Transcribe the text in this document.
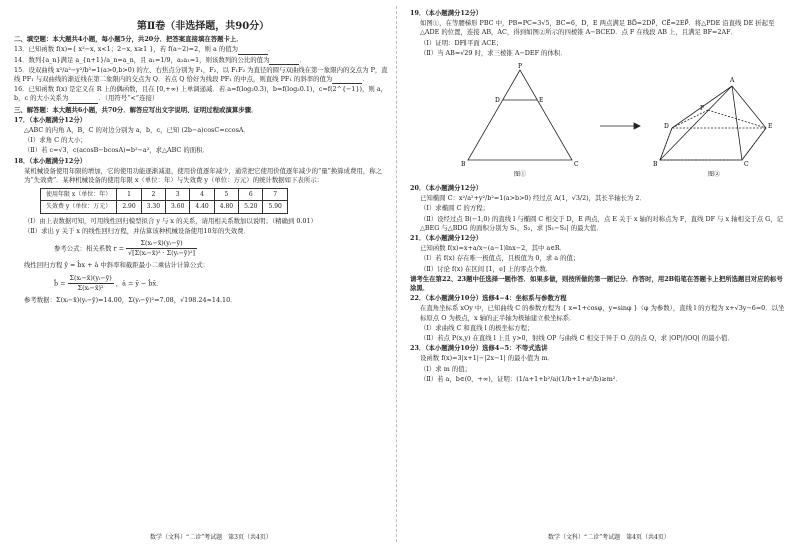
第Ⅱ卷（非选择题，共90分）
二、填空题：本大题共4小题，每小题5分，共20分．把答案直接填在答题卡上．
13．已知函数 f(x)={ x²−x, x<1；2−x, x≥1 }，若 f(a−2)=2，则 a 的值为	．
14．数列{a_n}满足 a_{n+1}/a_n=a_n，且 a₁=1/9，a₂a₁=1，则该数列的公比的值为	．
15．设双曲线 x²/a²−y²/b²=1(a>0,b>0) 的左、右焦点分别为 F₁，F₂，以 F₁F₂ 为直径的圆与双曲线在第一象限内的交点为 P，直线 PF₁ 与双曲线的渐近线在第二象限内的交点为 Q．若点 Q 恰好为线段 PF₁ 的中点，则直线 PF₁ 的斜率的值为	．
16．已知函数 f(x) 是定义在 R 上的偶函数，且在 [0,+∞) 上单调递减．若 a=f(log₂0.3)，b=f(log₃0.1)，c=f(2^{−1})，则 a，b，c 的大小关系为	．（用符号“<”连接）
三、解答题：本大题共6小题，共70分．解答应写出文字说明、证明过程或演算步骤．
17．（本小题满分12分）
△ABC 的内角 A，B，C 的对边分别为 a，b，c，已知 (2b−a)cosC=ccosA．
（Ⅰ）求角 C 的大小；
（Ⅱ）若 c=√3，c(acosB−bcosA)=b²−a²，求△ABC 的面积．
18．（本小题满分12分）
某机械设备使用年限的增加，它的使用功能逐渐减退，使用价值逐年减少，通常把它使用价值逐年减少的“量”换算成费用，称之为“失效费”．某种机械设备的使用年限 x（单位：年）与失效费 y（单位：万元）的统计数据如下表所示：
使用年限 x（单位：年）	1	2	3	4	5	6	7
失效费 y（单位：万元）	2.90	3.30	3.60	4.40	4.80	5.20	5.90
（Ⅰ）由上表数据可知，可用线性回归模型拟合 y 与 x 的关系，请用相关系数加以说明；（精确到 0.01）
（Ⅱ）求出 y 关于 x 的线性回归方程，并估算该种机械设备使用10年的失效费．
参考公式：相关系数 $r = \frac{\text{Σ(xᵢ−x̄)(yᵢ−ȳ)}}{\text{√[Σ(xᵢ−x̄)² · Σ(yᵢ−ȳ)²]}}$
线性回归方程 ŷ = b̂x + â 中斜率和截距最小二乘估计计算公式：
b̂ = $\frac{\text{Σ(xᵢ−x̄)(yᵢ−ȳ)}}{\text{Σ(xᵢ−x̄)²}}$ ，â = ȳ − b̂x̄．
参考数据：Σ(xᵢ−x̄)(yᵢ−ȳ)=14.00，Σ(yᵢ−ȳ)²=7.08，√198.24≈14.10．
数学（文科）“二诊”考试题　第3页（共4页）
19．（本小题满分12分）
如图①，在等腰梯形 PBC 中，PB=PC=3√5，BC=6，D，E 两点满足 BD⃗=2DP⃗，CE⃗=2EP⃗．将△PDE 沿直线 DE 折起至△ADE 的位置，连接 AB，AC，得到如图②所示的四棱锥 A−BCED．点 F 在线段 AB 上，且满足 BF=2AF．
（Ⅰ）证明：DF∥平面 ACE；
（Ⅱ）当 AB=√29 时，求三棱锥 A−DEF 的体积．
P
D	E
B	C
图①
A
F
D	E
B	C
图②
20．（本小题满分12分）
已知椭圆 C：x²/a²+y²/b²=1(a>b>0) 经过点 A(1，√3/2)，其长半轴长为 2．
（Ⅰ）求椭圆 C 的方程；
（Ⅱ）设经过点 B(−1,0) 的直线 l 与椭圆 C 相交于 D，E 两点，点 E 关于 x 轴的对称点为 F，直线 DF 与 x 轴相交于点 G，记△BEG 与△BDG 的面积分别为 S₁，S₂，求 |S₁−S₂| 的最大值．
21．（本小题满分12分）
已知函数 f(x)=x+a/x−(a−1)lnx−2，其中 a∈R．
（Ⅰ）若 f(x) 存在唯一极值点，且极值为 0，求 a 的值；
（Ⅱ）讨论 f(x) 在区间 [1，e] 上的零点个数．
请考生在第22、23题中任选择一题作答．如果多做，则按所做的第一题记分．作答时，用2B铅笔在答题卡上把所选题目对应的标号涂黑．
22．（本小题满分10分）选修4−4：坐标系与参数方程
在直角坐标系 xOy 中，已知曲线 C 的参数方程为 { x=1+cosφ，y=sinφ }（φ 为参数），直线 l 的方程为 x+√3y−6=0．以坐标原点 O 为极点，x 轴的正半轴为极轴建立极坐标系．
（Ⅰ）求曲线 C 和直线 l 的极坐标方程；
（Ⅱ）若点 P(x,y) 在直线 l 上且 y>0，射线 OP 与曲线 C 相交于异于 O 点的点 Q，求 |OP|/|OQ| 的最小值．
23．（本小题满分10分）选修4−5：不等式选讲
设函数 f(x)=3|x+1|−|2x−1| 的最小值为 m．
（Ⅰ）求 m 的值；
（Ⅱ）若 a，b∈(0，+∞)，证明：(1/a+1+b²/a)(1/b+1+a²/b)≥m²．
数学（文科）“二诊”考试题　第4页（共4页）
